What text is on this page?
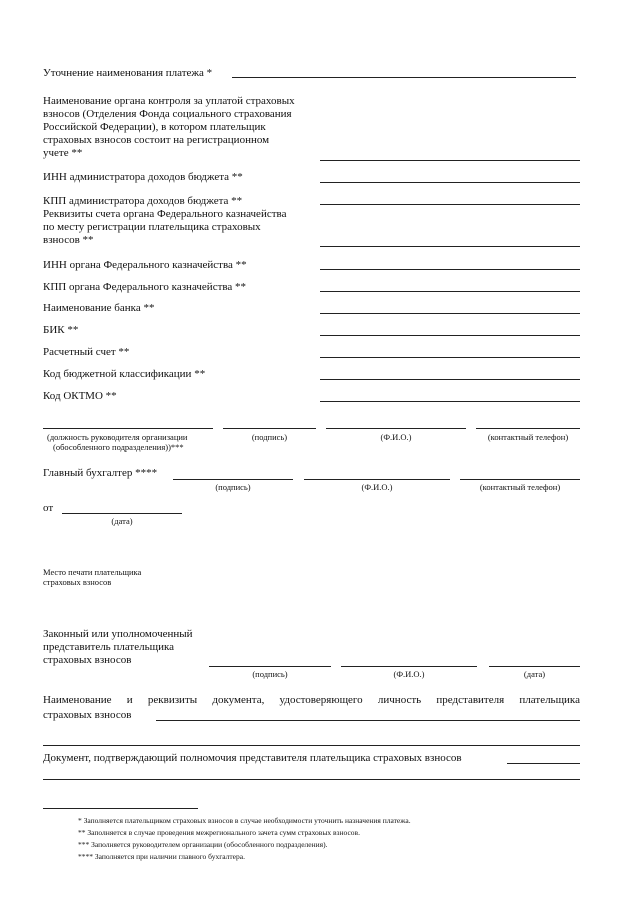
Уточнение наименования платежа *
Наименование органа контроля за уплатой страховых
взносов (Отделения Фонда социального страхования
Российской Федерации), в котором плательщик
страховых взносов состоит на регистрационном
учете **
ИНН администратора доходов бюджета **
КПП администратора доходов бюджета **
Реквизиты счета органа Федерального казначейства
по месту регистрации плательщика страховых
взносов **
ИНН органа Федерального казначейства **
КПП органа Федерального казначейства **
Наименование банка **
БИК **
Расчетный счет **
Код бюджетной классификации **
Код ОКТМО **
(должность руководителя организации
(обособленного подразделения))***
(подпись)	(Ф.И.О.)	(контактный телефон)
Главный бухгалтер ****
(подпись)	(Ф.И.О.)	(контактный телефон)
от
(дата)
Место печати плательщика
страховых взносов
Законный или уполномоченный
представитель плательщика
страховых взносов
(подпись)	(Ф.И.О.)	(дата)
Наименование и реквизиты документа, удостоверяющего личность представителя плательщика
страховых взносов
Документ, подтверждающий полномочия представителя плательщика страховых взносов
* Заполняется плательщиком страховых взносов в случае необходимости уточнить назначения платежа.
** Заполняется в случае проведения межрегионального зачета сумм страховых взносов.
*** Заполняется руководителем организации (обособленного подразделения).
**** Заполняется при наличии главного бухгалтера.
